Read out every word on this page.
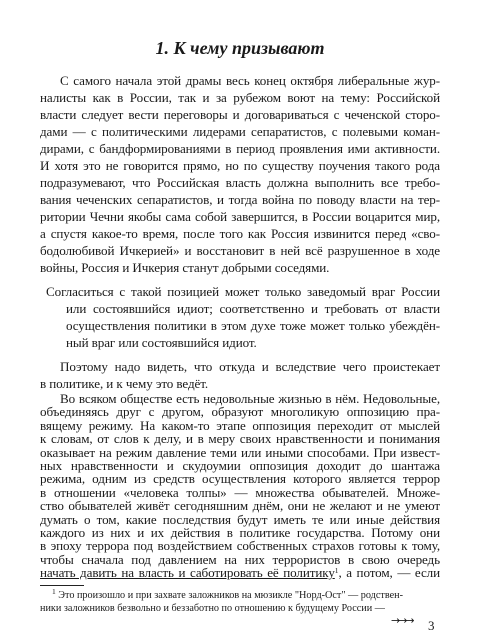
1. К чему призывают
С самого начала этой драмы весь конец октября либеральные жур-
налисты как в России, так и за рубежом воют на тему: Российской
власти следует вести переговоры и договариваться с чеченской сторо-
дами — с политическими лидерами сепаратистов, с полевыми коман-
дирами, с бандформированиями в период проявления ими активности.
И хотя это не говорится прямо, но по существу поучения такого рода
подразумевают, что Российская власть должна выполнить все требо-
вания чеченских сепаратистов, и тогда война по поводу власти на тер-
ритории Чечни якобы сама собой завершится, в России воцарится мир,
а спустя какое-то время, после того как Россия извинится перед «сво-
бодолюбивой Ичкерией» и восстановит в ней всё разрушенное в ходе
войны, Россия и Ичкерия станут добрыми соседями.
Согласиться с такой позицией может только заведомый враг России
или состоявшийся идиот; соответственно и требовать от власти
осуществления политики в этом духе тоже может только убеждён-
ный враг или состоявшийся идиот.
Поэтому надо видеть, что откуда и вследствие чего проистекает
в политике, и к чему это ведёт.
Во всяком обществе есть недовольные жизнью в нём. Недовольные,
объединяясь друг с другом, образуют многоликую оппозицию пра-
вящему режиму. На каком-то этапе оппозиция переходит от мыслей
к словам, от слов к делу, и в меру своих нравственности и понимания
оказывает на режим давление теми или иными способами. При извест-
ных нравственности и скудоумии оппозиция доходит до шантажа
режима, одним из средств осуществления которого является террор
в отношении «человека толпы» — множества обывателей. Множе-
ство обывателей живёт сегодняшним днём, они не желают и не умеют
думать о том, какие последствия будут иметь те или иные действия
каждого из них и их действия в политике государства. Потому они
в эпоху террора под воздействием собственных страхов готовы к тому,
чтобы сначала под давлением на них террористов в свою очередь
начать давить на власть и саботировать её политику$^1$, а потом, — если
$^1$ Это произошло и при захвате заложников на мюзикле "Норд-Ост" — родствен-
ники заложников безвольно и беззаботно по отношению к будущему России —
→→→ 3
